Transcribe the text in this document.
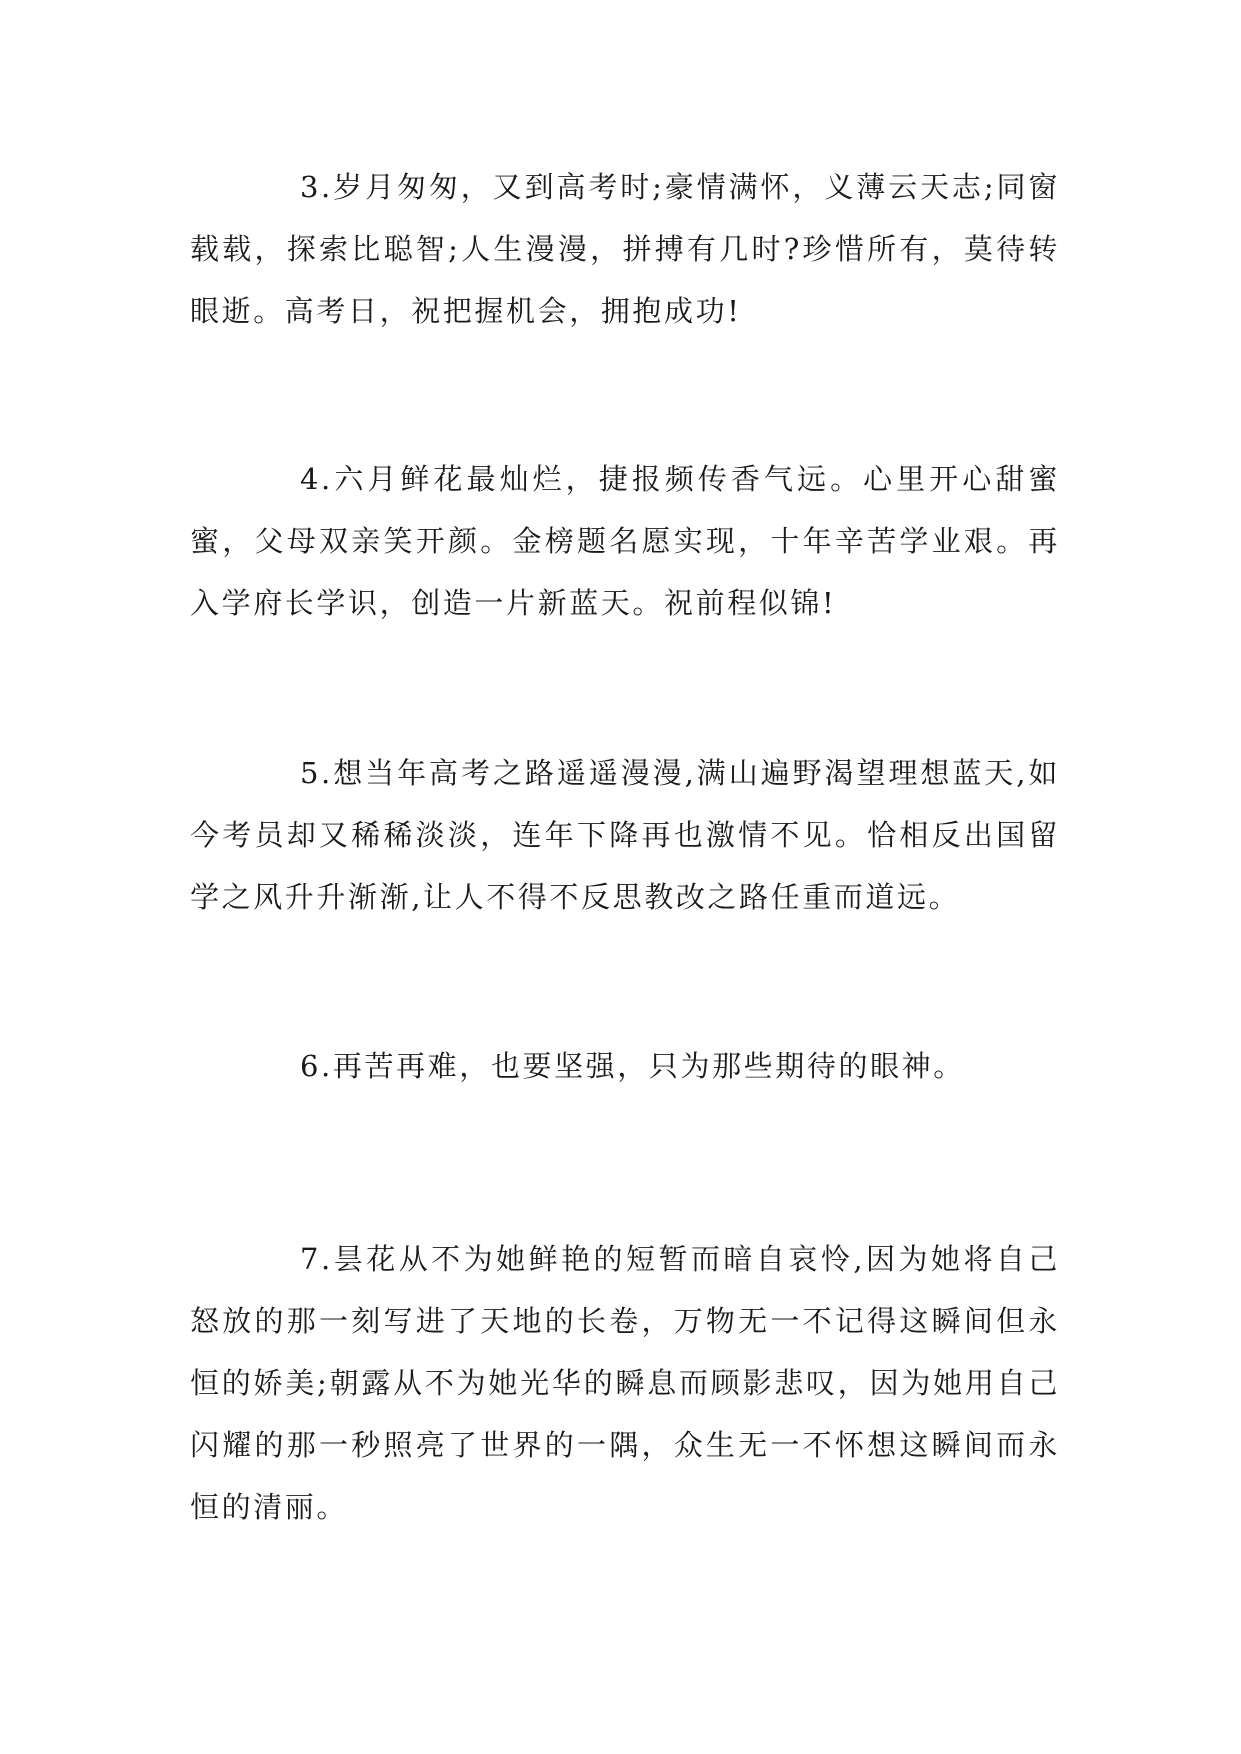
3.岁月匆匆，又到高考时;豪情满怀，义薄云天志;同窗载载，探索比聪智;人生漫漫，拼搏有几时?珍惜所有，莫待转眼逝。高考日，祝把握机会，拥抱成功!

4.六月鲜花最灿烂，捷报频传香气远。心里开心甜蜜蜜，父母双亲笑开颜。金榜题名愿实现，十年辛苦学业艰。再入学府长学识，创造一片新蓝天。祝前程似锦!

5.想当年高考之路遥遥漫漫,满山遍野渴望理想蓝天,如今考员却又稀稀淡淡，连年下降再也激情不见。恰相反出国留学之风升升渐渐,让人不得不反思教改之路任重而道远。

6.再苦再难，也要坚强，只为那些期待的眼神。

7.昙花从不为她鲜艳的短暂而暗自哀怜,因为她将自己怒放的那一刻写进了天地的长卷，万物无一不记得这瞬间但永恒的娇美;朝露从不为她光华的瞬息而顾影悲叹，因为她用自己闪耀的那一秒照亮了世界的一隅，众生无一不怀想这瞬间而永恒的清丽。
